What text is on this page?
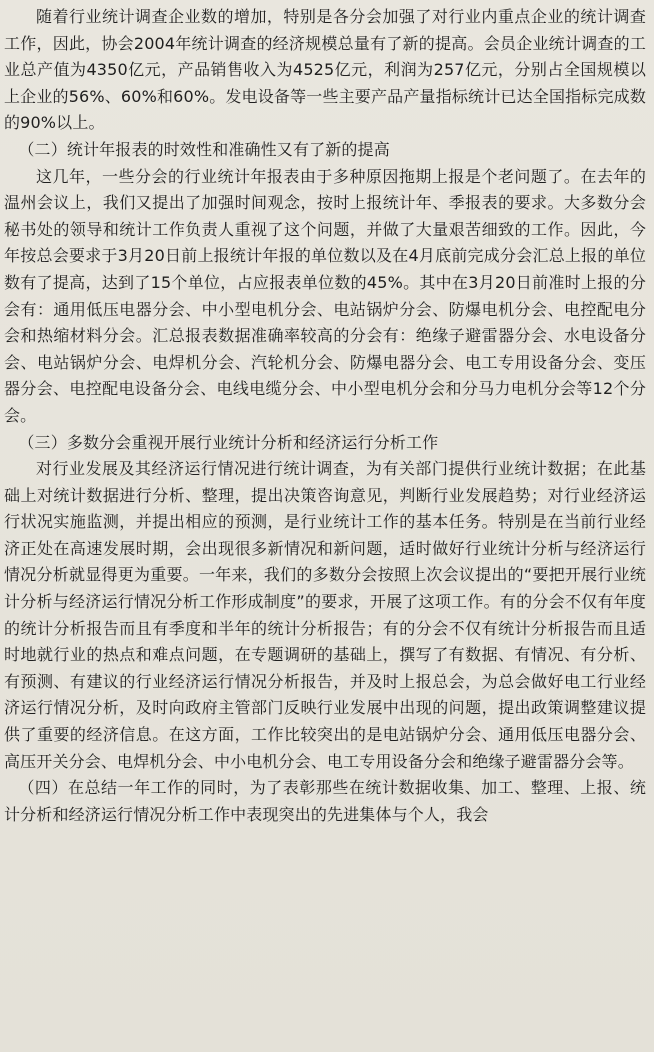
随着行业统计调查企业数的增加，特别是各分会加强了对行业内重点企业的统计调查工作，因此，协会2004年统计调查的经济规模总量有了新的提高。会员企业统计调查的工业总产值为4350亿元，产品销售收入为4525亿元，利润为257亿元，分别占全国规模以上企业的56%、60%和60%。发电设备等一些主要产品产量指标统计已达全国指标完成数的90%以上。

（二）统计年报表的时效性和准确性又有了新的提高

这几年，一些分会的行业统计年报表由于多种原因拖期上报是个老问题了。在去年的温州会议上，我们又提出了加强时间观念，按时上报统计年、季报表的要求。大多数分会秘书处的领导和统计工作负责人重视了这个问题，并做了大量艰苦细致的工作。因此，今年按总会要求于3月20日前上报统计年报的单位数以及在4月底前完成分会汇总上报的单位数有了提高，达到了15个单位，占应报表单位数的45%。其中在3月20日前准时上报的分会有：通用低压电器分会、中小型电机分会、电站锅炉分会、防爆电机分会、电控配电分会和热缩材料分会。汇总报表数据准确率较高的分会有：绝缘子避雷器分会、水电设备分会、电站锅炉分会、电焊机分会、汽轮机分会、防爆电器分会、电工专用设备分会、变压器分会、电控配电设备分会、电线电缆分会、中小型电机分会和分马力电机分会等12个分会。

（三）多数分会重视开展行业统计分析和经济运行分析工作

对行业发展及其经济运行情况进行统计调查，为有关部门提供行业统计数据；在此基础上对统计数据进行分析、整理，提出决策咨询意见，判断行业发展趋势；对行业经济运行状况实施监测，并提出相应的预测，是行业统计工作的基本任务。特别是在当前行业经济正处在高速发展时期，会出现很多新情况和新问题，适时做好行业统计分析与经济运行情况分析就显得更为重要。一年来，我们的多数分会按照上次会议提出的“要把开展行业统计分析与经济运行情况分析工作形成制度”的要求，开展了这项工作。有的分会不仅有年度的统计分析报告而且有季度和半年的统计分析报告；有的分会不仅有统计分析报告而且适时地就行业的热点和难点问题，在专题调研的基础上，撰写了有数据、有情况、有分析、有预测、有建议的行业经济运行情况分析报告，并及时上报总会，为总会做好电工行业经济运行情况分析，及时向政府主管部门反映行业发展中出现的问题，提出政策调整建议提供了重要的经济信息。在这方面，工作比较突出的是电站锅炉分会、通用低压电器分会、高压开关分会、电焊机分会、中小电机分会、电工专用设备分会和绝缘子避雷器分会等。

（四）在总结一年工作的同时，为了表彰那些在统计数据收集、加工、整理、上报、统计分析和经济运行情况分析工作中表现突出的先进集体与个人，我会
